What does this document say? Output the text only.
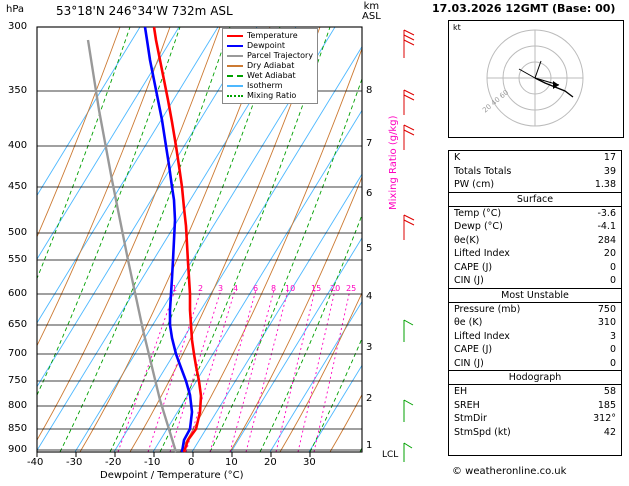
hPa	53°18'N 246°34'W 732m ASL	km
ASL
300
350
400
450
500
550
600
650
700
750
800
850
900
8
7
6
5
4
3
2
1
-40 -30 -20 -10	0	10	20	30
1	2 3 4 6 8 10 15 20 25
Dewpoint / Temperature (°C)
Mixing Ratio (g/kg)
LCL
Temperature
Dewpoint
Parcel Trajectory
Dry Adiabat
Wet Adiabat
Isotherm
Mixing Ratio
17.03.2026 12GMT (Base: 00)
kt
20 40 60
K	17
Totals Totals	39
PW (cm)	1.38
Surface
Temp (°C)	-3.6
Dewp (°C)	-4.1
θe(K)	284
Lifted Index	20
CAPE (J)	0
CIN (J)	0
Most Unstable
Pressure (mb)	750
θe (K)	310
Lifted Index	3
CAPE (J)	0
CIN (J)	0
Hodograph
EH	58
SREH	185
StmDir	312°
StmSpd (kt)	42
© weatheronline.co.uk
